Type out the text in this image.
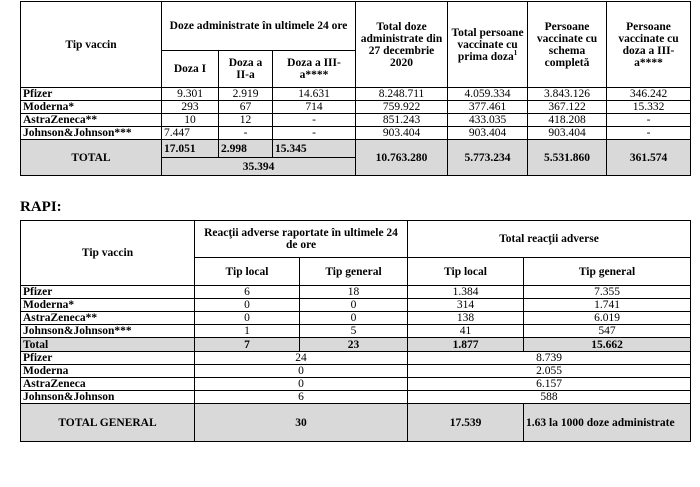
Tip vaccin	Doze administrate în ultimele 24 ore			Total doze administrate din 27 decembrie 2020	Total persoane vaccinate cu prima doza$^1$	Persoane vaccinate cu schema completă	Persoane vaccinate cu doza a III-a****
	Doza I	Doza a II-a	Doza a III-a****				
Pfizer	9.301	2.919	14.631	8.248.711	4.059.334	3.843.126	346.242
Moderna*	293	67	714	759.922	377.461	367.122	15.332
AstraZeneca**	10	12	-	851.243	433.035	418.208	-
Johnson&Johnson***	7.447	-	-	903.404	903.404	903.404	-
TOTAL	17.051	2.998	15.345	10.763.280	5.773.234	5.531.860	361.574
	35.394						
RAPI:
Tip vaccin	Reacţii adverse raportate în ultimele 24 de ore		Total reacţii adverse	
	Tip local	Tip general	Tip local	Tip general
Pfizer	6	18	1.384	7.355
Moderna*	0	0	314	1.741
AstraZeneca**	0	0	138	6.019
Johnson&Johnson***	1	5	41	547
Total	7	23	1.877	15.662
Pfizer	24		8.739	
Moderna	0		2.055	
AstraZeneca	0		6.157	
Johnson&Johnson	6		588	
TOTAL GENERAL	30		17.539	1.63 la 1000 doze administrate
